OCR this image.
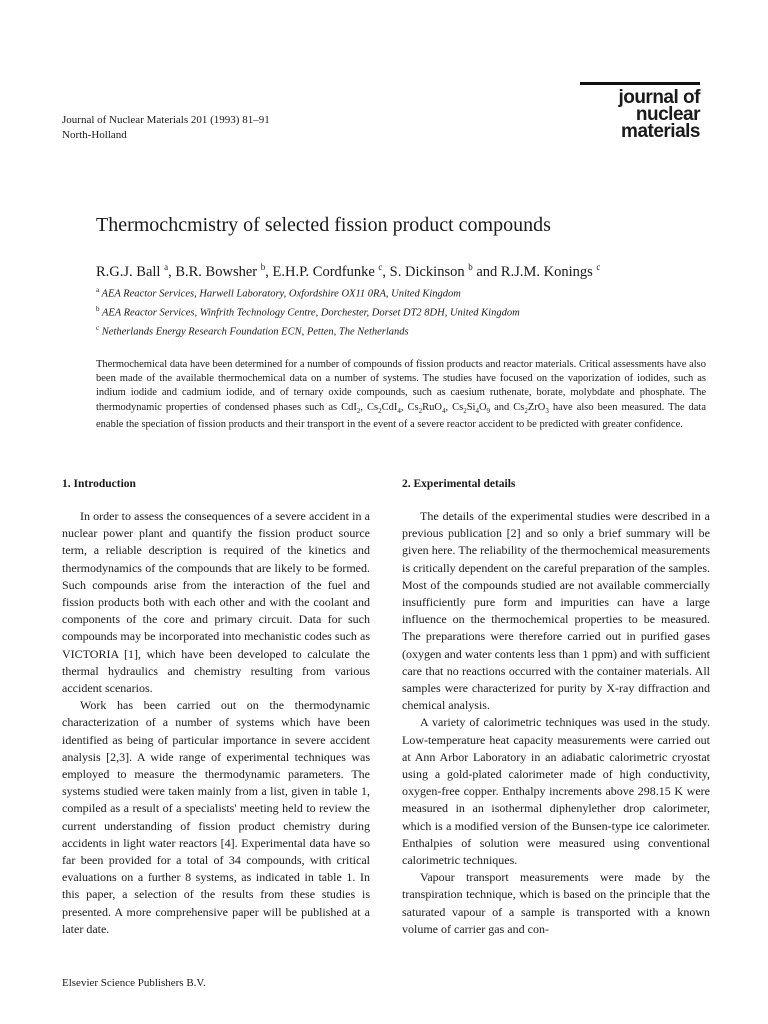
Journal of Nuclear Materials 201 (1993) 81–91
North-Holland
journal of
nuclear
materials
Thermochcmistry of selected fission product compounds
R.G.J. Ball $^a$, B.R. Bowsher $^b$, E.H.P. Cordfunke $^c$, S. Dickinson $^b$ and R.J.M. Konings $^c$
$^a$ AEA Reactor Services, Harwell Laboratory, Oxfordshire OX11 0RA, United Kingdom
$^b$ AEA Reactor Services, Winfrith Technology Centre, Dorchester, Dorset DT2 8DH, United Kingdom
$^c$ Netherlands Energy Research Foundation ECN, Petten, The Netherlands
Thermochemical data have been determined for a number of compounds of fission products and reactor materials. Critical assessments have also been made of the available thermochemical data on a number of systems. The studies have focused on the vaporization of iodides, such as indium iodide and cadmium iodide, and of ternary oxide compounds, such as caesium ruthenate, borate, molybdate and phosphate. The thermodynamic properties of condensed phases such as CdI$_2$, $Cs_2CdI_4$, $Cs_2RuO_4$, $Cs_2Si_4O_9$ and $Cs_2ZrO_3$ have also been measured. The data enable the speciation of fission products and their transport in the event of a severe reactor accident to be predicted with greater confidence.
1. Introduction	2. Experimental details

In order to assess the consequences of a severe accident in a nuclear power plant and quantify the fission product source term, a reliable description is required of the kinetics and thermodynamics of the compounds that are likely to be formed. Such compounds arise from the interaction of the fuel and fission products both with each other and with the coolant and components of the core and primary circuit. Data for such compounds may be incorporated into mechanistic codes such as VICTORIA [1], which have been developed to calculate the thermal hydraulics and chemistry resulting from various accident scenarios.

Work has been carried out on the thermodynamic characterization of a number of systems which have been identified as being of particular importance in severe accident analysis [2,3]. A wide range of experimental techniques was employed to measure the thermodynamic parameters. The systems studied were taken mainly from a list, given in table 1, compiled as a result of a specialists' meeting held to review the current understanding of fission product chemistry during accidents in light water reactors [4]. Experimental data have so far been provided for a total of 34 compounds, with critical evaluations on a further 8 systems, as indicated in table 1. In this paper, a selection of the results from these studies is presented. A more comprehensive paper will be published at a later date.

The details of the experimental studies were described in a previous publication [2] and so only a brief summary will be given here. The reliability of the thermochemical measurements is critically dependent on the careful preparation of the samples. Most of the compounds studied are not available commercially insufficiently pure form and impurities can have a large influence on the thermochemical properties to be measured. The preparations were therefore carried out in purified gases (oxygen and water contents less than 1 ppm) and with sufficient care that no reactions occurred with the container materials. All samples were characterized for purity by X-ray diffraction and chemical analysis.

A variety of calorimetric techniques was used in the study. Low-temperature heat capacity measurements were carried out at Ann Arbor Laboratory in an adiabatic calorimetric cryostat using a gold-plated calorimeter made of high conductivity, oxygen-free copper. Enthalpy increments above 298.15 K were measured in an isothermal diphenylether drop calorimeter, which is a modified version of the Bunsen-type ice calorimeter. Enthalpies of solution were measured using conventional calorimetric techniques.

Vapour transport measurements were made by the transpiration technique, which is based on the principle that the saturated vapour of a sample is transported with a known volume of carrier gas and con-

Elsevier Science Publishers B.V.
